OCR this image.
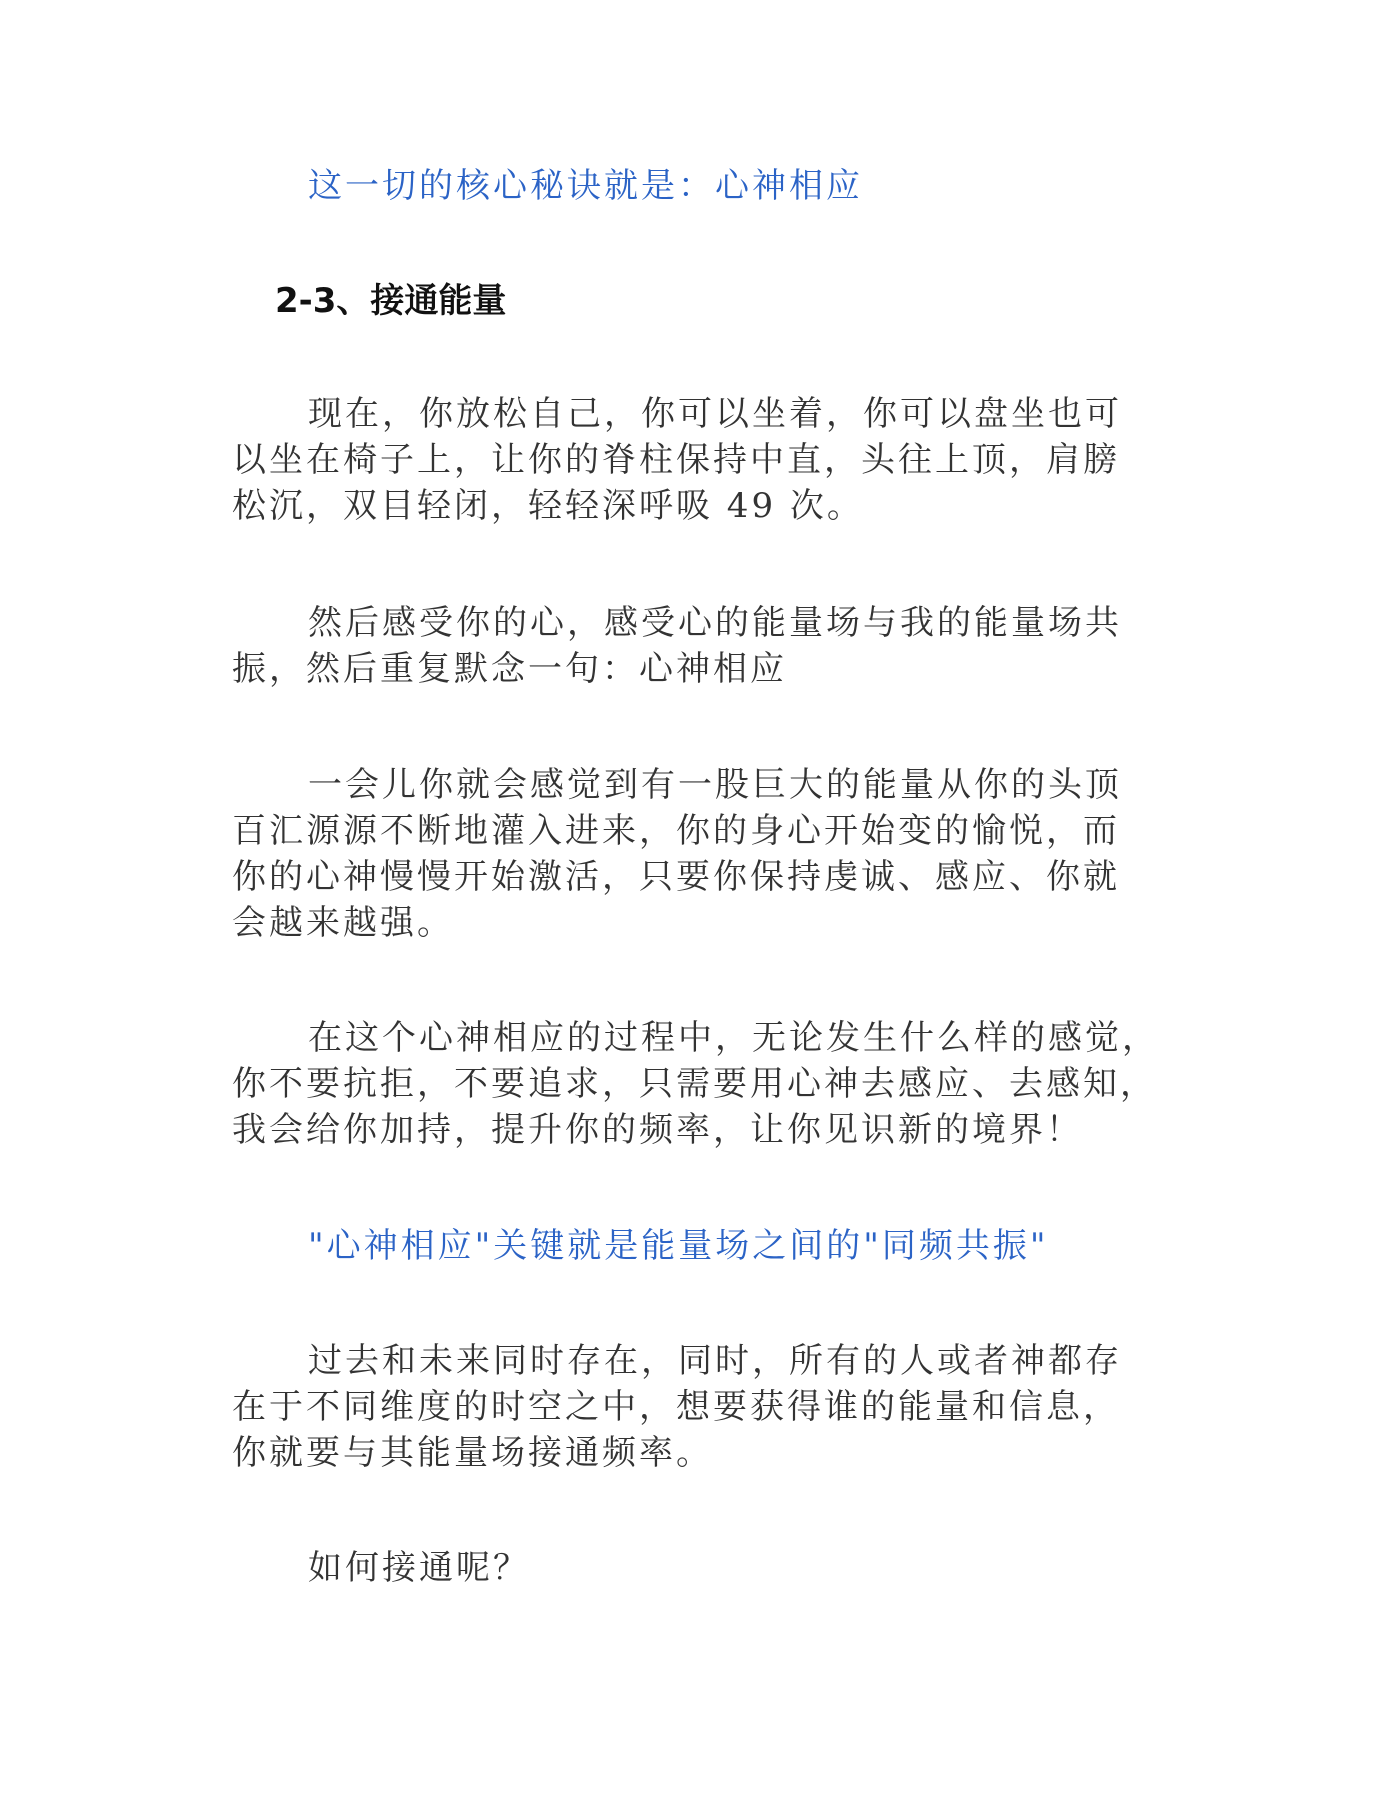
这一切的核心秘诀就是：心神相应
2-3、接通能量
现在，你放松自己，你可以坐着，你可以盘坐也可
以坐在椅子上，让你的脊柱保持中直，头往上顶，肩膀
松沉，双目轻闭，轻轻深呼吸 49 次。
然后感受你的心，感受心的能量场与我的能量场共
振，然后重复默念一句：心神相应
一会儿你就会感觉到有一股巨大的能量从你的头顶
百汇源源不断地灌入进来，你的身心开始变的愉悦，而
你的心神慢慢开始激活，只要你保持虔诚、感应、你就
会越来越强。
在这个心神相应的过程中，无论发生什么样的感觉，
你不要抗拒，不要追求，只需要用心神去感应、去感知，
我会给你加持，提升你的频率，让你见识新的境界！
"心神相应"关键就是能量场之间的"同频共振"
过去和未来同时存在，同时，所有的人或者神都存
在于不同维度的时空之中，想要获得谁的能量和信息，
你就要与其能量场接通频率。
如何接通呢？
